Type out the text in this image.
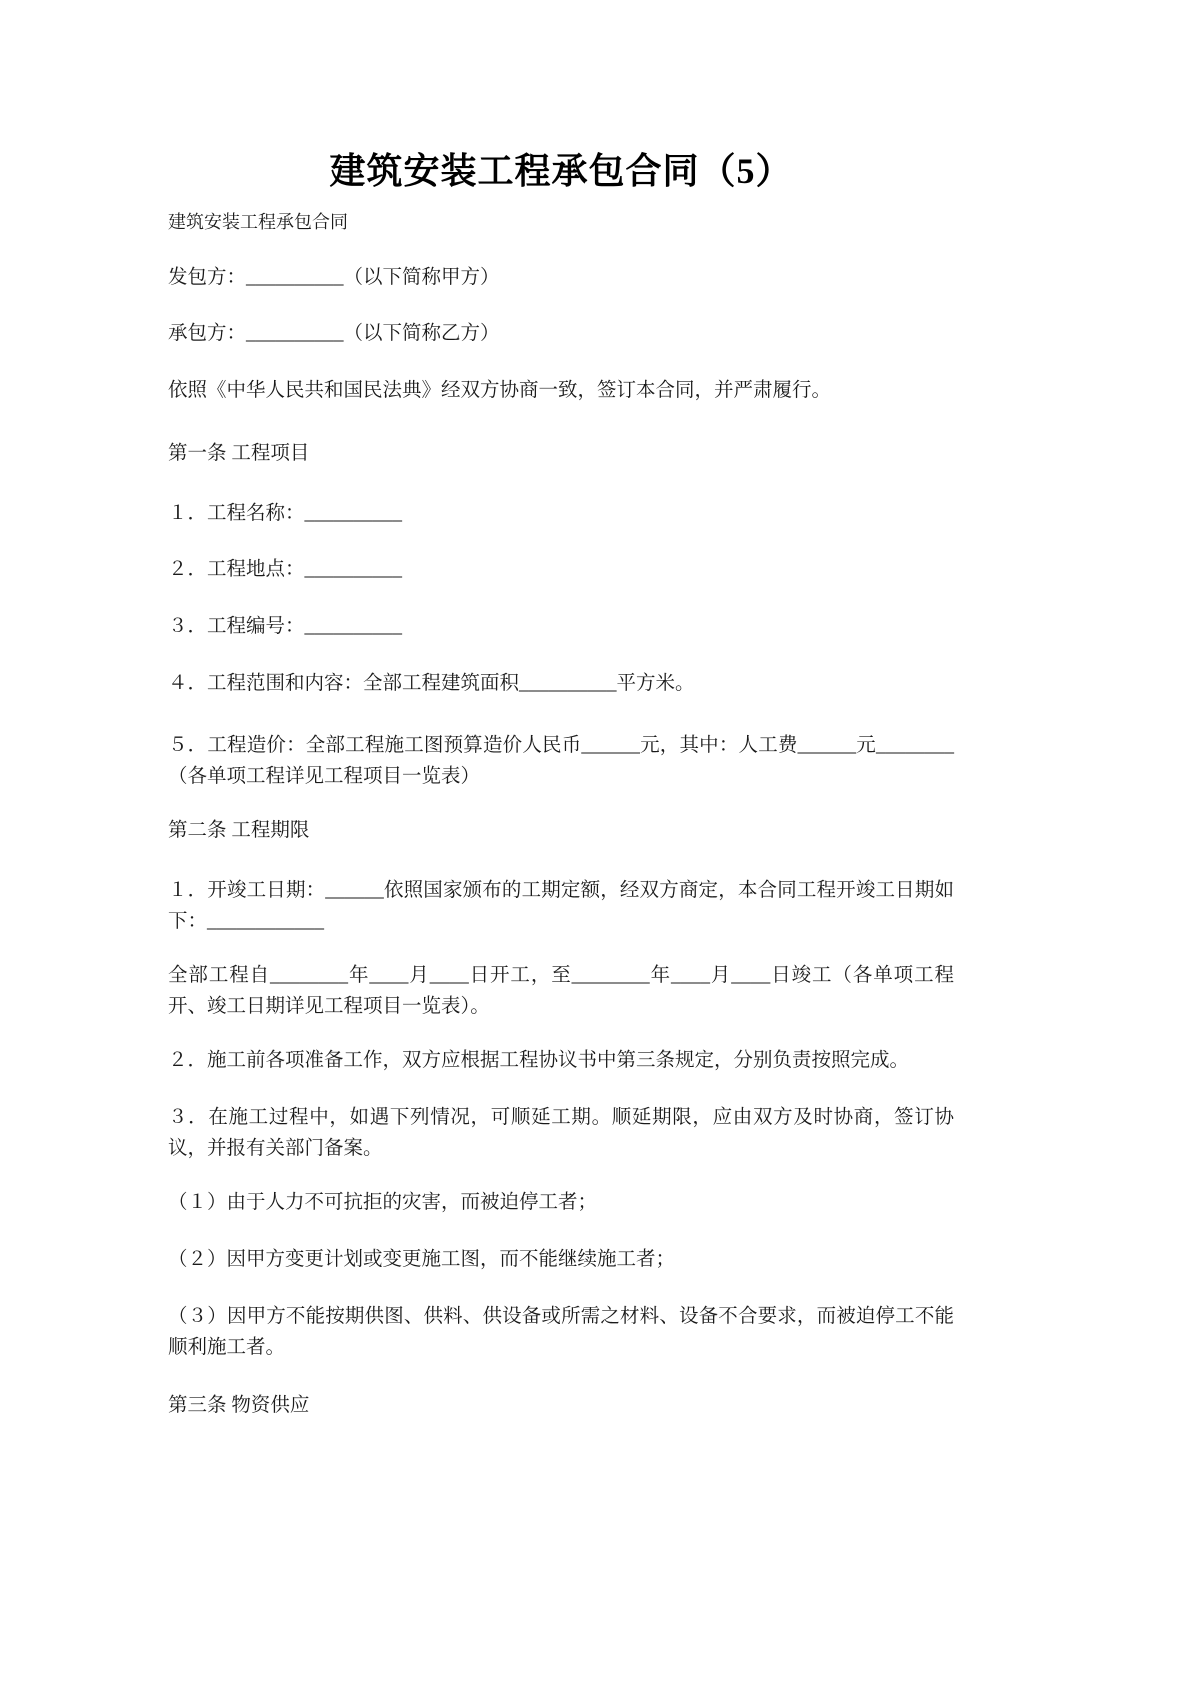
建筑安装工程承包合同（5）

建筑安装工程承包合同

发包方：__________（以下简称甲方）

承包方：__________（以下简称乙方）

依照《中华人民共和国民法典》经双方协商一致，签订本合同，并严肃履行。

第一条 工程项目

１．工程名称：__________

２．工程地点：__________

３．工程编号：__________

４．工程范围和内容：全部工程建筑面积__________平方米。

５．工程造价：全部工程施工图预算造价人民币______元，其中：人工费______元________（各单项工程详见工程项目一览表）

第二条 工程期限

１．开竣工日期：______依照国家颁布的工期定额，经双方商定，本合同工程开竣工日期如下：____________

全部工程自________年____月____日开工，至________年____月____日竣工（各单项工程开、竣工日期详见工程项目一览表）。

２．施工前各项准备工作，双方应根据工程协议书中第三条规定，分别负责按照完成。

３．在施工过程中，如遇下列情况，可顺延工期。顺延期限，应由双方及时协商，签订协议，并报有关部门备案。

（１）由于人力不可抗拒的灾害，而被迫停工者；

（２）因甲方变更计划或变更施工图，而不能继续施工者；

（３）因甲方不能按期供图、供料、供设备或所需之材料、设备不合要求，而被迫停工不能顺利施工者。

第三条 物资供应
